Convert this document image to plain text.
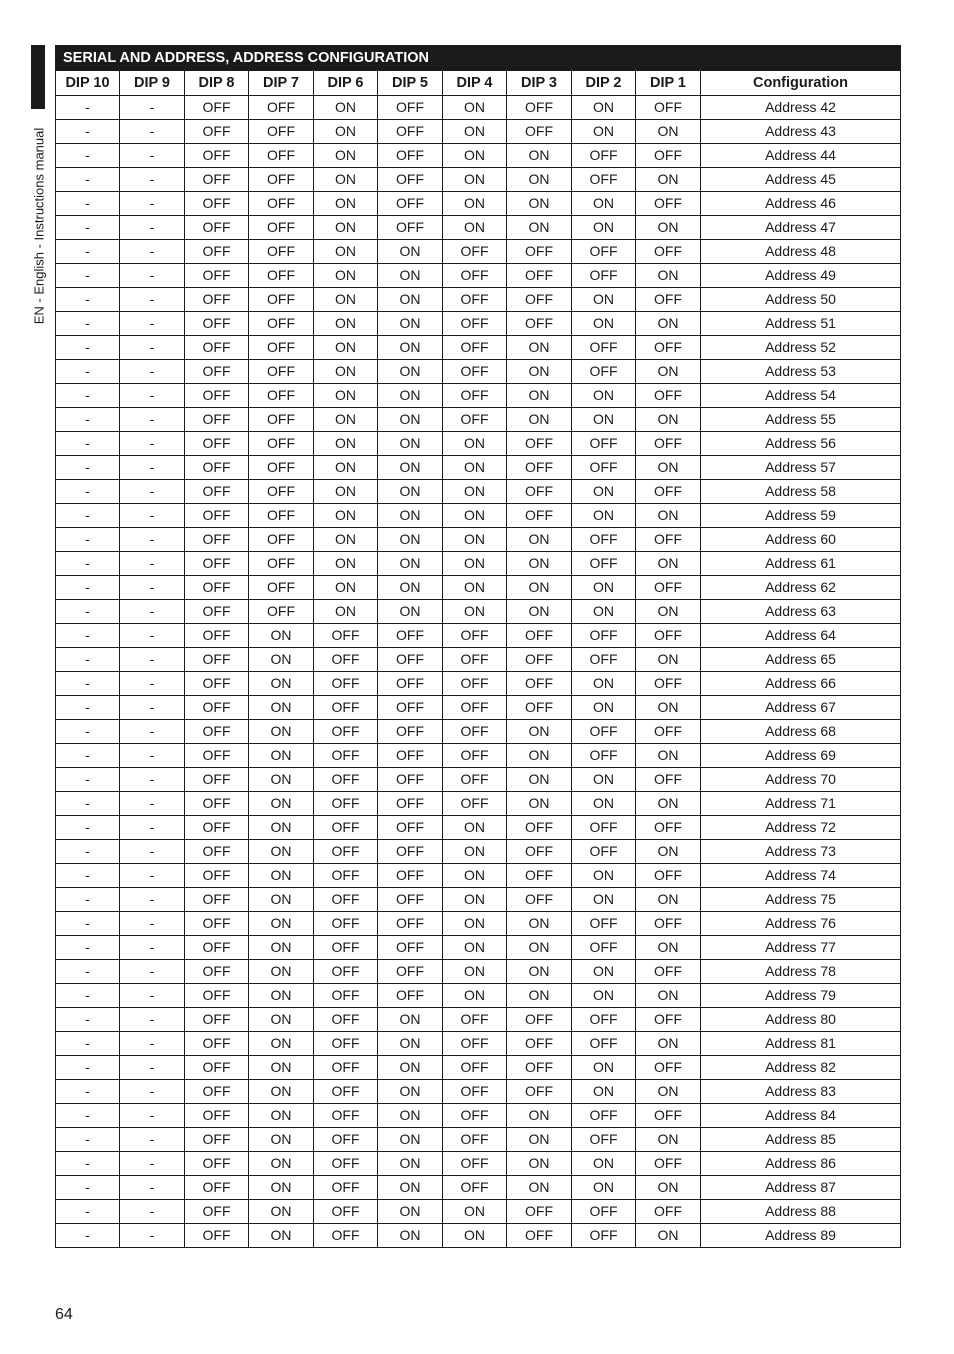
EN - English - Instructions manual
SERIAL AND ADDRESS, ADDRESS CONFIGURATION										
DIP 10	DIP 9	DIP 8	DIP 7	DIP 6	DIP 5	DIP 4	DIP 3	DIP 2	DIP 1	Configuration
-	-	OFF	OFF	ON	OFF	ON	OFF	ON	OFF	Address 42
-	-	OFF	OFF	ON	OFF	ON	OFF	ON	ON	Address 43
-	-	OFF	OFF	ON	OFF	ON	ON	OFF	OFF	Address 44
-	-	OFF	OFF	ON	OFF	ON	ON	OFF	ON	Address 45
-	-	OFF	OFF	ON	OFF	ON	ON	ON	OFF	Address 46
-	-	OFF	OFF	ON	OFF	ON	ON	ON	ON	Address 47
-	-	OFF	OFF	ON	ON	OFF	OFF	OFF	OFF	Address 48
-	-	OFF	OFF	ON	ON	OFF	OFF	OFF	ON	Address 49
-	-	OFF	OFF	ON	ON	OFF	OFF	ON	OFF	Address 50
-	-	OFF	OFF	ON	ON	OFF	OFF	ON	ON	Address 51
-	-	OFF	OFF	ON	ON	OFF	ON	OFF	OFF	Address 52
-	-	OFF	OFF	ON	ON	OFF	ON	OFF	ON	Address 53
-	-	OFF	OFF	ON	ON	OFF	ON	ON	OFF	Address 54
-	-	OFF	OFF	ON	ON	OFF	ON	ON	ON	Address 55
-	-	OFF	OFF	ON	ON	ON	OFF	OFF	OFF	Address 56
-	-	OFF	OFF	ON	ON	ON	OFF	OFF	ON	Address 57
-	-	OFF	OFF	ON	ON	ON	OFF	ON	OFF	Address 58
-	-	OFF	OFF	ON	ON	ON	OFF	ON	ON	Address 59
-	-	OFF	OFF	ON	ON	ON	ON	OFF	OFF	Address 60
-	-	OFF	OFF	ON	ON	ON	ON	OFF	ON	Address 61
-	-	OFF	OFF	ON	ON	ON	ON	ON	OFF	Address 62
-	-	OFF	OFF	ON	ON	ON	ON	ON	ON	Address 63
-	-	OFF	ON	OFF	OFF	OFF	OFF	OFF	OFF	Address 64
-	-	OFF	ON	OFF	OFF	OFF	OFF	OFF	ON	Address 65
-	-	OFF	ON	OFF	OFF	OFF	OFF	ON	OFF	Address 66
-	-	OFF	ON	OFF	OFF	OFF	OFF	ON	ON	Address 67
-	-	OFF	ON	OFF	OFF	OFF	ON	OFF	OFF	Address 68
-	-	OFF	ON	OFF	OFF	OFF	ON	OFF	ON	Address 69
-	-	OFF	ON	OFF	OFF	OFF	ON	ON	OFF	Address 70
-	-	OFF	ON	OFF	OFF	OFF	ON	ON	ON	Address 71
-	-	OFF	ON	OFF	OFF	ON	OFF	OFF	OFF	Address 72
-	-	OFF	ON	OFF	OFF	ON	OFF	OFF	ON	Address 73
-	-	OFF	ON	OFF	OFF	ON	OFF	ON	OFF	Address 74
-	-	OFF	ON	OFF	OFF	ON	OFF	ON	ON	Address 75
-	-	OFF	ON	OFF	OFF	ON	ON	OFF	OFF	Address 76
-	-	OFF	ON	OFF	OFF	ON	ON	OFF	ON	Address 77
-	-	OFF	ON	OFF	OFF	ON	ON	ON	OFF	Address 78
-	-	OFF	ON	OFF	OFF	ON	ON	ON	ON	Address 79
-	-	OFF	ON	OFF	ON	OFF	OFF	OFF	OFF	Address 80
-	-	OFF	ON	OFF	ON	OFF	OFF	OFF	ON	Address 81
-	-	OFF	ON	OFF	ON	OFF	OFF	ON	OFF	Address 82
-	-	OFF	ON	OFF	ON	OFF	OFF	ON	ON	Address 83
-	-	OFF	ON	OFF	ON	OFF	ON	OFF	OFF	Address 84
-	-	OFF	ON	OFF	ON	OFF	ON	OFF	ON	Address 85
-	-	OFF	ON	OFF	ON	OFF	ON	ON	OFF	Address 86
-	-	OFF	ON	OFF	ON	OFF	ON	ON	ON	Address 87
-	-	OFF	ON	OFF	ON	ON	OFF	OFF	OFF	Address 88
-	-	OFF	ON	OFF	ON	ON	OFF	OFF	ON	Address 89
64
